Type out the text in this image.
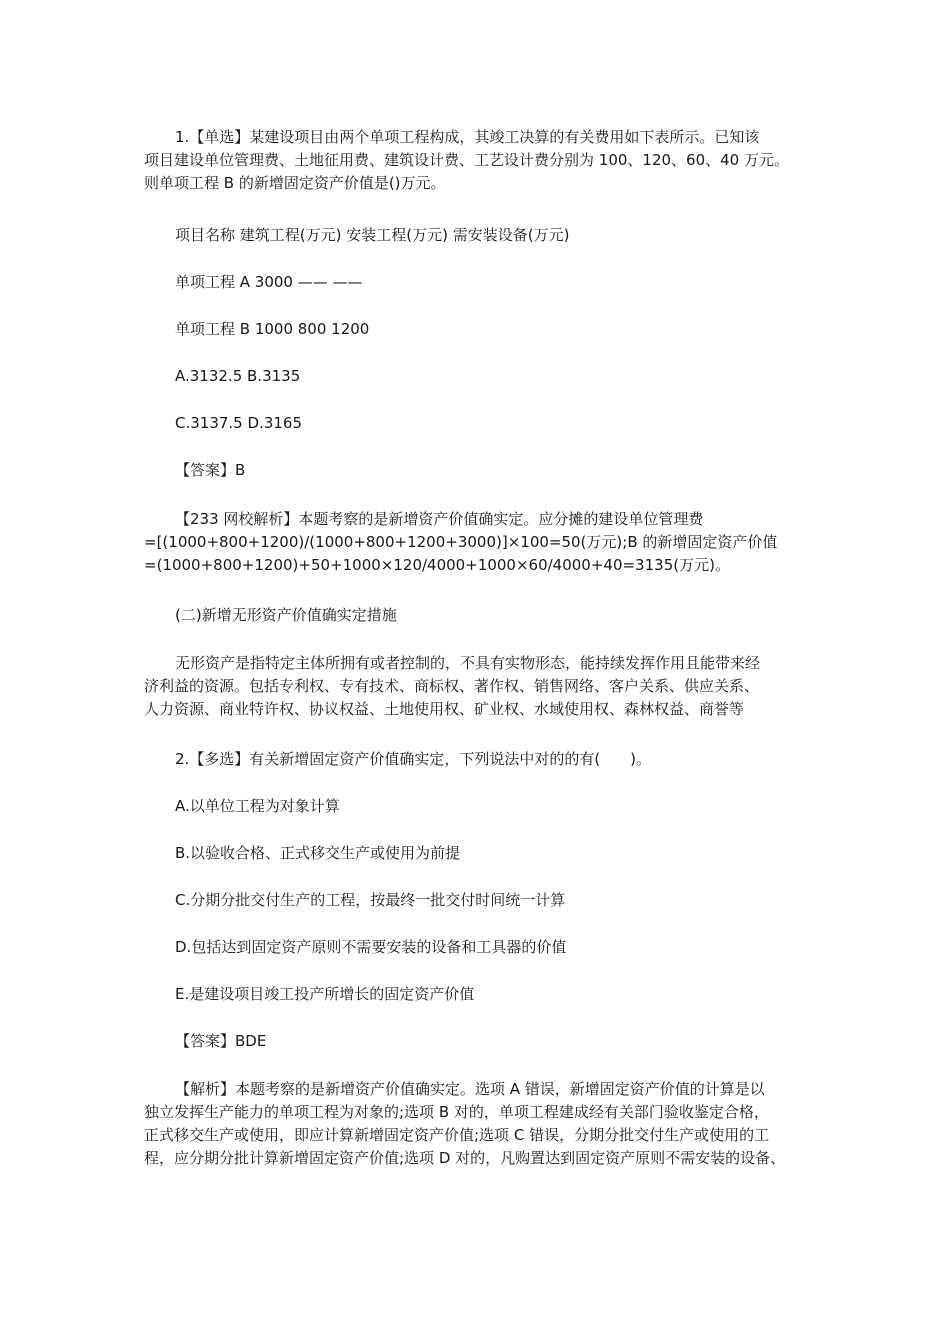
1.【单选】某建设项目由两个单项工程构成，其竣工决算的有关费用如下表所示。已知该
项目建设单位管理费、土地征用费、建筑设计费、工艺设计费分别为 100、120、60、40 万元。
则单项工程 B 的新增固定资产价值是()万元。
项目名称 建筑工程(万元) 安装工程(万元) 需安装设备(万元)
单项工程 A 3000 —— ——
单项工程 B 1000 800 1200
A.3132.5 B.3135
C.3137.5 D.3165
【答案】B
【233 网校解析】本题考察的是新增资产价值确实定。应分摊的建设单位管理费
=[(1000+800+1200)/(1000+800+1200+3000)]×100=50(万元);B 的新增固定资产价值
=(1000+800+1200)+50+1000×120/4000+1000×60/4000+40=3135(万元)。
(二)新增无形资产价值确实定措施
无形资产是指特定主体所拥有或者控制的，不具有实物形态，能持续发挥作用且能带来经
济利益的资源。包括专利权、专有技术、商标权、著作权、销售网络、客户关系、供应关系、
人力资源、商业特许权、协议权益、土地使用权、矿业权、水域使用权、森林权益、商誉等
2.【多选】有关新增固定资产价值确实定，下列说法中对的的有(　　)。
A.以单位工程为对象计算
B.以验收合格、正式移交生产或使用为前提
C.分期分批交付生产的工程，按最终一批交付时间统一计算
D.包括达到固定资产原则不需要安装的设备和工具器的价值
E.是建设项目竣工投产所增长的固定资产价值
【答案】BDE
【解析】本题考察的是新增资产价值确实定。选项 A 错误，新增固定资产价值的计算是以
独立发挥生产能力的单项工程为对象的;选项 B 对的，单项工程建成经有关部门验收鉴定合格，
正式移交生产或使用，即应计算新增固定资产价值;选项 C 错误，分期分批交付生产或使用的工
程，应分期分批计算新增固定资产价值;选项 D 对的，凡购置达到固定资产原则不需安装的设备、
